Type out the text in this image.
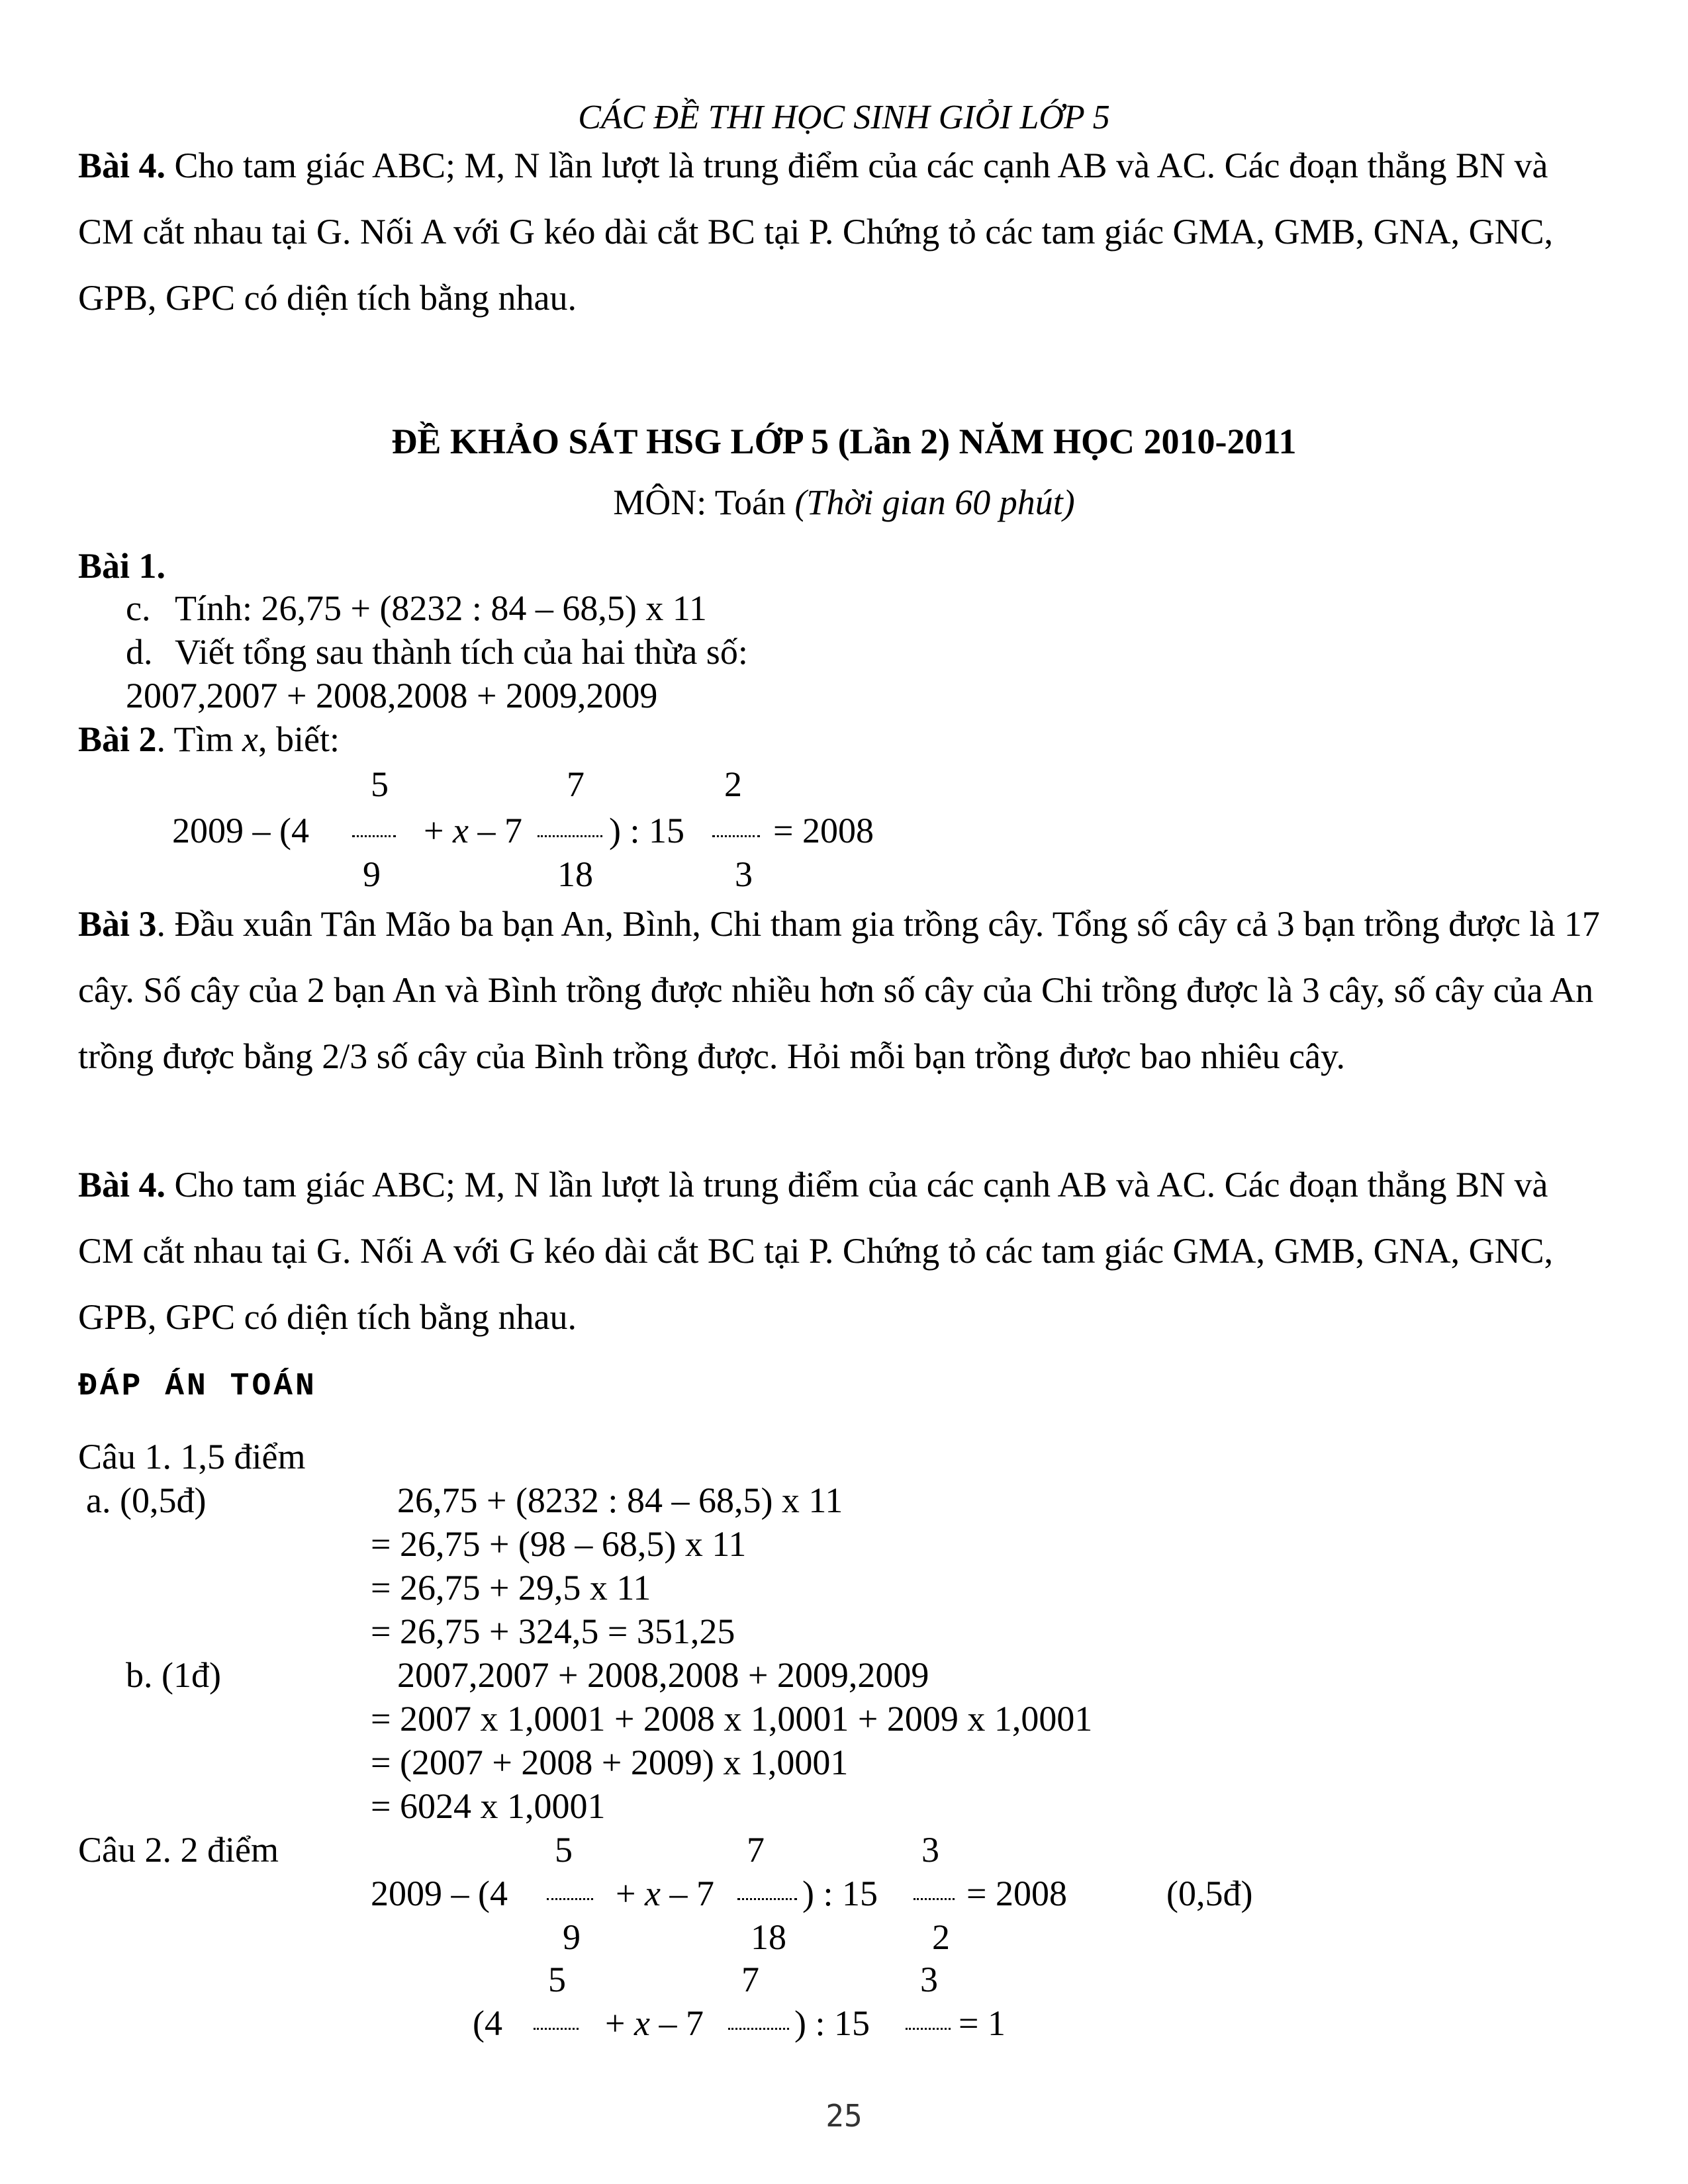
CÁC ĐỀ THI HỌC SINH GIỎI LỚP 5
Bài 4. Cho tam giác ABC; M, N lần lượt là trung điểm của các cạnh AB và AC. Các đoạn thẳng BN và CM cắt nhau tại G. Nối A với G kéo dài cắt BC tại P. Chứng tỏ các tam giác GMA, GMB, GNA, GNC, GPB, GPC có diện tích bằng nhau.
ĐỀ KHẢO SÁT HSG LỚP 5 (Lần 2) NĂM HỌC 2010-2011
MÔN: Toán (Thời gian 60 phút)
Bài 1.
c. Tính: 26,75 + (8232 : 84 – 68,5) x 11
d. Viết tổng sau thành tích của hai thừa số:
2007,2007 + 2008,2008 + 2009,2009
Bài 2. Tìm x, biết:
5	7	2
2009 – (4	+ x – 7 ) : 15 = 2008
9	18	3
Bài 3. Đầu xuân Tân Mão ba bạn An, Bình, Chi tham gia trồng cây. Tổng số cây cả 3 bạn trồng được là 17 cây. Số cây của 2 bạn An và Bình trồng được nhiều hơn số cây của Chi trồng được là 3 cây, số cây của An trồng được bằng 2/3 số cây của Bình trồng được. Hỏi mỗi bạn trồng được bao nhiêu cây.
Bài 4. Cho tam giác ABC; M, N lần lượt là trung điểm của các cạnh AB và AC. Các đoạn thẳng BN và CM cắt nhau tại G. Nối A với G kéo dài cắt BC tại P. Chứng tỏ các tam giác GMA, GMB, GNA, GNC, GPB, GPC có diện tích bằng nhau.
ĐÁP ÁN TOÁN
Câu 1. 1,5 điểm
a. (0,5đ)	26,75 + (8232 : 84 – 68,5) x 11
= 26,75 + (98 – 68,5) x 11
= 26,75 + 29,5 x 11
= 26,75 + 324,5 = 351,25
b. (1đ)	2007,2007 + 2008,2008 + 2009,2009
= 2007 x 1,0001 + 2008 x 1,0001 + 2009 x 1,0001
= (2007 + 2008 + 2009) x 1,0001
= 6024 x 1,0001
Câu 2. 2 điểm	5	7	3
2009 – (4	+ x – 7 ) : 15 = 2008	(0,5đ)
9	18	2
5	7	3
(4	+ x – 7	) : 15 = 1
25
